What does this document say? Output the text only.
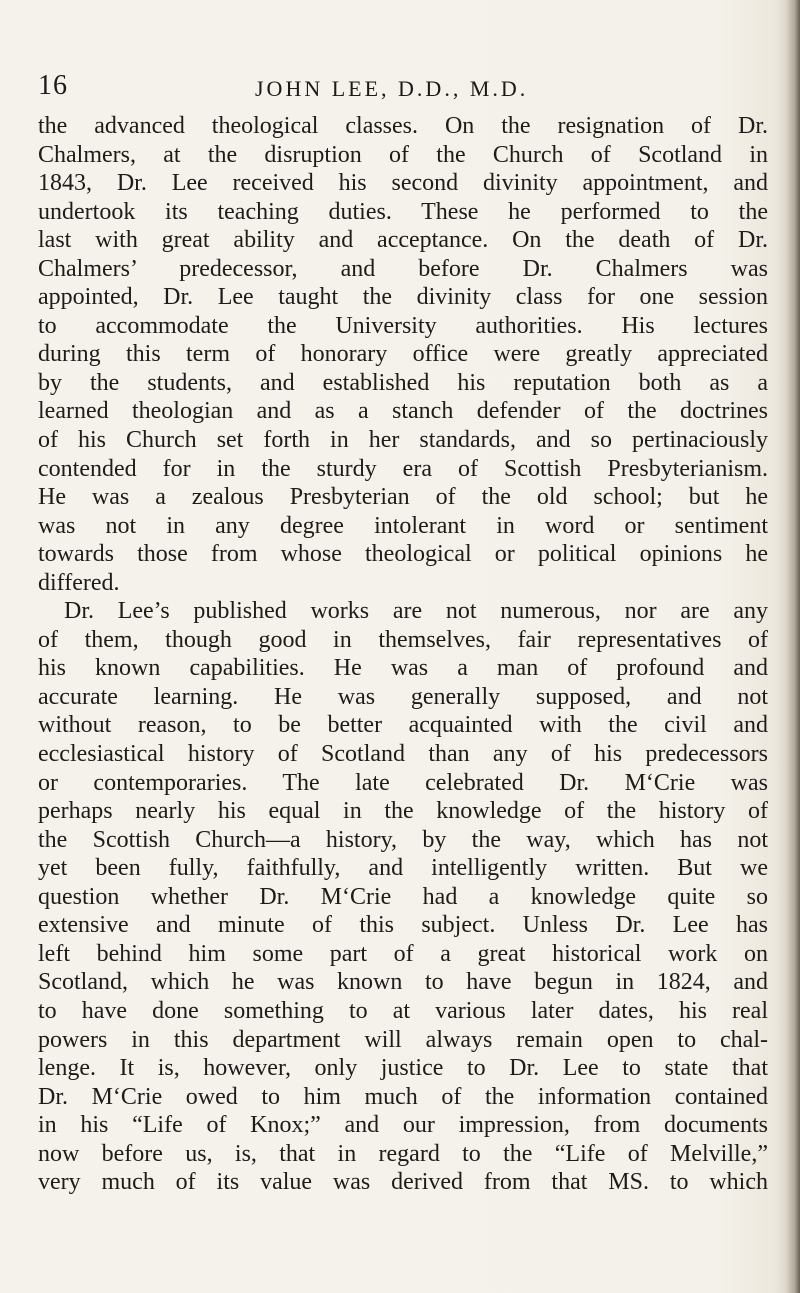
16	JOHN LEE, D.D., M.D.
the advanced theological classes. On the resignation of Dr.
Chalmers, at the disruption of the Church of Scotland in
1843, Dr. Lee received his second divinity appointment, and
undertook its teaching duties. These he performed to the
last with great ability and acceptance. On the death of Dr.
Chalmers’ predecessor, and before Dr. Chalmers was
appointed, Dr. Lee taught the divinity class for one session
to accommodate the University authorities. His lectures
during this term of honorary office were greatly appreciated
by the students, and established his reputation both as a
learned theologian and as a stanch defender of the doctrines
of his Church set forth in her standards, and so pertinaciously
contended for in the sturdy era of Scottish Presbyterianism.
He was a zealous Presbyterian of the old school; but he
was not in any degree intolerant in word or sentiment
towards those from whose theological or political opinions he
differed.
Dr. Lee’s published works are not numerous, nor are any
of them, though good in themselves, fair representatives of
his known capabilities. He was a man of profound and
accurate learning. He was generally supposed, and not
without reason, to be better acquainted with the civil and
ecclesiastical history of Scotland than any of his predecessors
or contemporaries. The late celebrated Dr. M‘Crie was
perhaps nearly his equal in the knowledge of the history of
the Scottish Church—a history, by the way, which has not
yet been fully, faithfully, and intelligently written. But we
question whether Dr. M‘Crie had a knowledge quite so
extensive and minute of this subject. Unless Dr. Lee has
left behind him some part of a great historical work on
Scotland, which he was known to have begun in 1824, and
to have done something to at various later dates, his real
powers in this department will always remain open to chal-
lenge. It is, however, only justice to Dr. Lee to state that
Dr. M‘Crie owed to him much of the information contained
in his “Life of Knox;” and our impression, from documents
now before us, is, that in regard to the “Life of Melville,”
very much of its value was derived from that MS. to which
